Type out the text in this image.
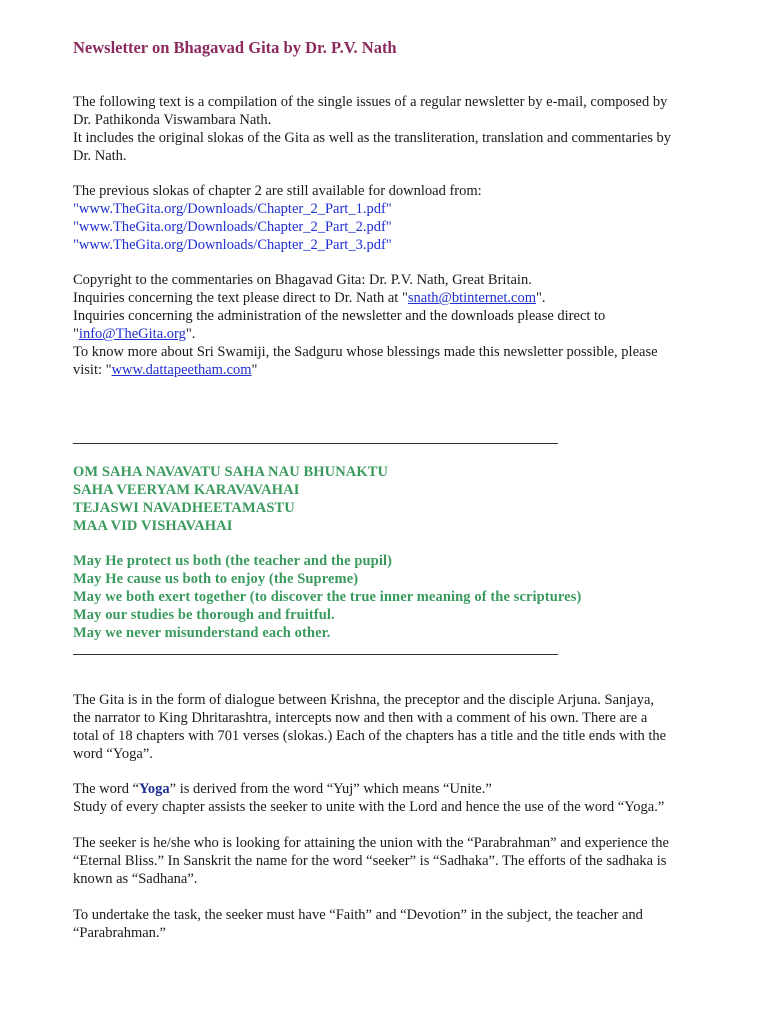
Newsletter on Bhagavad Gita by Dr. P.V. Nath
The following text is a compilation of the single issues of a regular newsletter by e-mail, composed by
Dr. Pathikonda Viswambara Nath.
It includes the original slokas of the Gita as well as the transliteration, translation and commentaries by
Dr. Nath.
The previous slokas of chapter 2 are still available for download from:
"www.TheGita.org/Downloads/Chapter_2_Part_1.pdf"
"www.TheGita.org/Downloads/Chapter_2_Part_2.pdf"
"www.TheGita.org/Downloads/Chapter_2_Part_3.pdf"
Copyright to the commentaries on Bhagavad Gita: Dr. P.V. Nath, Great Britain.
Inquiries concerning the text please direct to Dr. Nath at "snath@btinternet.com".
Inquiries concerning the administration of the newsletter and the downloads please direct to
"info@TheGita.org".
To know more about Sri Swamiji, the Sadguru whose blessings made this newsletter possible, please
visit: "www.dattapeetham.com"
OM SAHA NAVAVATU SAHA NAU BHUNAKTU
SAHA VEERYAM KARAVAVAHAI
TEJASWI NAVADHEETAMASTU
MAA VID VISHAVAHAI
May He protect us both (the teacher and the pupil)
May He cause us both to enjoy (the Supreme)
May we both exert together (to discover the true inner meaning of the scriptures)
May our studies be thorough and fruitful.
May we never misunderstand each other.
The Gita is in the form of dialogue between Krishna, the preceptor and the disciple Arjuna. Sanjaya,
the narrator to King Dhritarashtra, intercepts now and then with a comment of his own. There are a
total of 18 chapters with 701 verses (slokas.) Each of the chapters has a title and the title ends with the
word “Yoga”.
The word “Yoga” is derived from the word “Yuj” which means “Unite.”
Study of every chapter assists the seeker to unite with the Lord and hence the use of the word “Yoga.”
The seeker is he/she who is looking for attaining the union with the “Parabrahman” and experience the
“Eternal Bliss.” In Sanskrit the name for the word “seeker” is “Sadhaka”. The efforts of the sadhaka is
known as “Sadhana”.
To undertake the task, the seeker must have “Faith” and “Devotion” in the subject, the teacher and
“Parabrahman.”
